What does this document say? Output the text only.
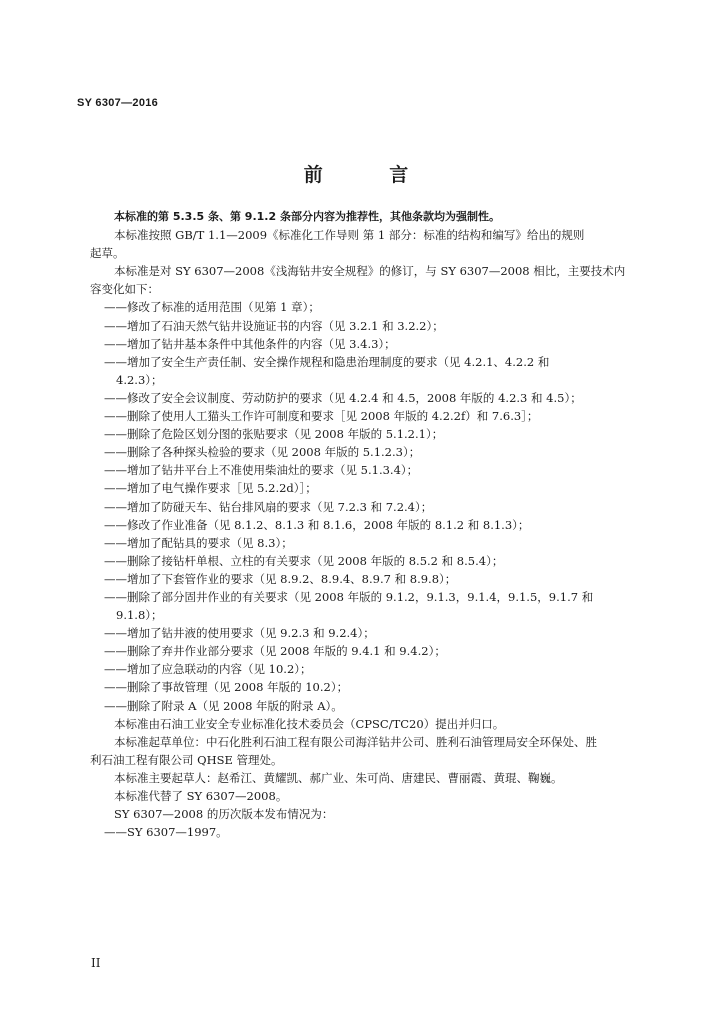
SY 6307—2016
前 言
本标准的第 5.3.5 条、第 9.1.2 条部分内容为推荐性，其他条款均为强制性。
本标准按照 GB/T 1.1—2009《标准化工作导则 第 1 部分：标准的结构和编写》给出的规则
起草。
本标准是对 SY 6307—2008《浅海钻井安全规程》的修订，与 SY 6307—2008 相比，主要技术内
容变化如下：
——修改了标准的适用范围（见第 1 章）；
——增加了石油天然气钻井设施证书的内容（见 3.2.1 和 3.2.2）；
——增加了钻井基本条件中其他条件的内容（见 3.4.3）；
——增加了安全生产责任制、安全操作规程和隐患治理制度的要求（见 4.2.1、4.2.2 和
4.2.3）；
——修改了安全会议制度、劳动防护的要求（见 4.2.4 和 4.5，2008 年版的 4.2.3 和 4.5）；
——删除了使用人工猫头工作许可制度和要求［见 2008 年版的 4.2.2f）和 7.6.3］；
——删除了危险区划分图的张贴要求（见 2008 年版的 5.1.2.1）；
——删除了各种探头检验的要求（见 2008 年版的 5.1.2.3）；
——增加了钻井平台上不准使用柴油灶的要求（见 5.1.3.4）；
——增加了电气操作要求［见 5.2.2d）］；
——增加了防碰天车、钻台排风扇的要求（见 7.2.3 和 7.2.4）；
——修改了作业准备（见 8.1.2、8.1.3 和 8.1.6，2008 年版的 8.1.2 和 8.1.3）；
——增加了配钻具的要求（见 8.3）；
——删除了接钻杆单根、立柱的有关要求（见 2008 年版的 8.5.2 和 8.5.4）；
——增加了下套管作业的要求（见 8.9.2、8.9.4、8.9.7 和 8.9.8）；
——删除了部分固井作业的有关要求（见 2008 年版的 9.1.2，9.1.3，9.1.4，9.1.5，9.1.7 和
9.1.8）；
——增加了钻井液的使用要求（见 9.2.3 和 9.2.4）；
——删除了弃井作业部分要求（见 2008 年版的 9.4.1 和 9.4.2）；
——增加了应急联动的内容（见 10.2）；
——删除了事故管理（见 2008 年版的 10.2）；
——删除了附录 A（见 2008 年版的附录 A）。
本标准由石油工业安全专业标准化技术委员会（CPSC/TC20）提出并归口。
本标准起草单位：中石化胜利石油工程有限公司海洋钻井公司、胜利石油管理局安全环保处、胜
利石油工程有限公司 QHSE 管理处。
本标准主要起草人：赵希江、黄耀凯、郝广业、朱可尚、唐建民、曹丽霞、黄琨、鞠巍。
本标准代替了 SY 6307—2008。
SY 6307—2008 的历次版本发布情况为：
——SY 6307—1997。
II
